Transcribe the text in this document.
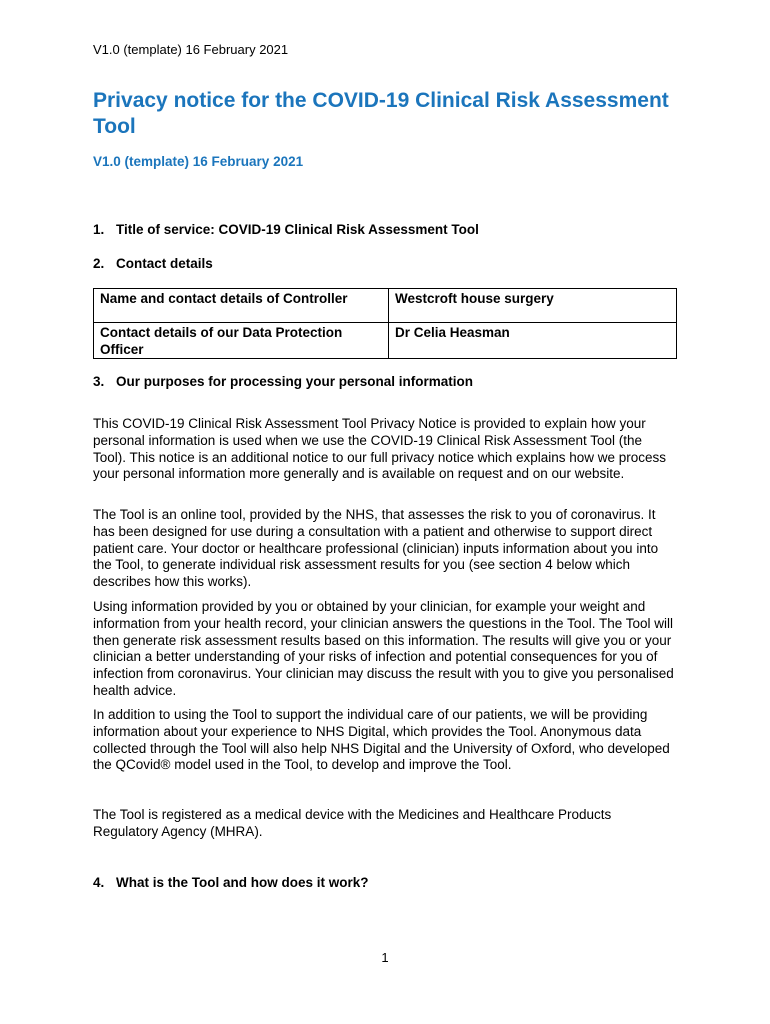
V1.0 (template) 16 February 2021
Privacy notice for the COVID-19 Clinical Risk Assessment Tool
V1.0 (template) 16 February 2021
1. Title of service: COVID-19 Clinical Risk Assessment Tool
2. Contact details
Name and contact details of Controller	Westcroft house surgery
Contact details of our Data Protection Officer	Dr Celia Heasman
3. Our purposes for processing your personal information

This COVID-19 Clinical Risk Assessment Tool Privacy Notice is provided to explain how your personal information is used when we use the COVID-19 Clinical Risk Assessment Tool (the Tool). This notice is an additional notice to our full privacy notice which explains how we process your personal information more generally and is available on request and on our website.

The Tool is an online tool, provided by the NHS, that assesses the risk to you of coronavirus. It has been designed for use during a consultation with a patient and otherwise to support direct patient care. Your doctor or healthcare professional (clinician) inputs information about you into the Tool, to generate individual risk assessment results for you (see section 4 below which describes how this works).

Using information provided by you or obtained by your clinician, for example your weight and information from your health record, your clinician answers the questions in the Tool. The Tool will then generate risk assessment results based on this information. The results will give you or your clinician a better understanding of your risks of infection and potential consequences for you of infection from coronavirus. Your clinician may discuss the result with you to give you personalised health advice.

In addition to using the Tool to support the individual care of our patients, we will be providing information about your experience to NHS Digital, which provides the Tool. Anonymous data collected through the Tool will also help NHS Digital and the University of Oxford, who developed the QCovid® model used in the Tool, to develop and improve the Tool.

The Tool is registered as a medical device with the Medicines and Healthcare Products Regulatory Agency (MHRA).

4. What is the Tool and how does it work?
1
